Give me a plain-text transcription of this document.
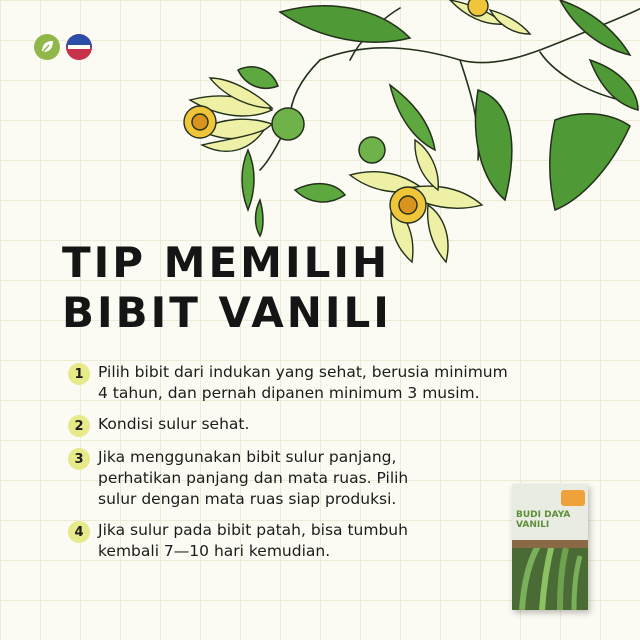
TIP MEMILIH
BIBIT VANILI
1 Pilih bibit dari indukan yang sehat, berusia minimum
4 tahun, dan pernah dipanen minimum 3 musim.
2 Kondisi sulur sehat.
3 Jika menggunakan bibit sulur panjang,
perhatikan panjang dan mata ruas. Pilih
sulur dengan mata ruas siap produksi.
4 Jika sulur pada bibit patah, bisa tumbuh
kembali 7—10 hari kemudian.
BUDI DAYA
VANILI
